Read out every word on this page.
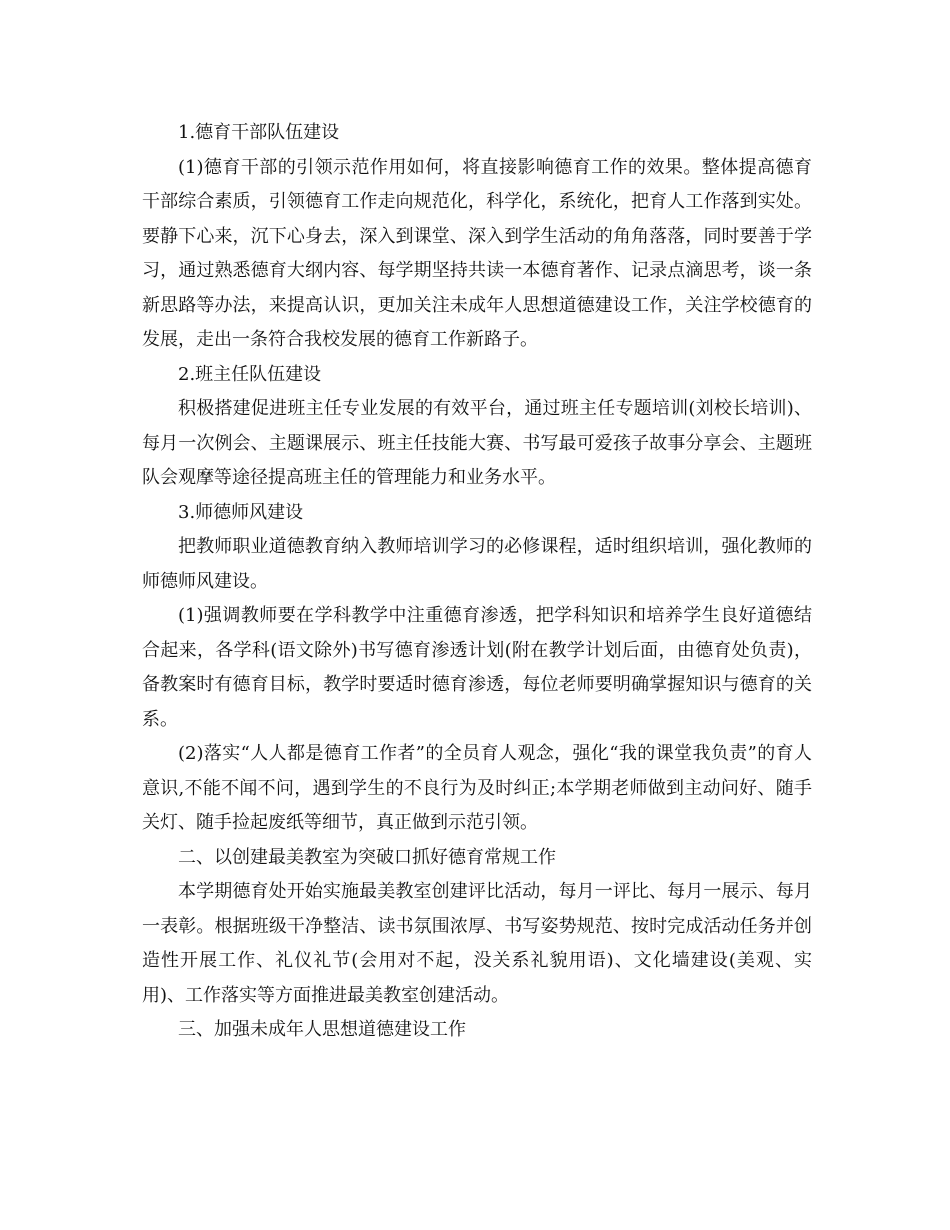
1.德育干部队伍建设

(1)德育干部的引领示范作用如何，将直接影响德育工作的效果。整体提高德育干部综合素质，引领德育工作走向规范化，科学化，系统化，把育人工作落到实处。要静下心来，沉下心身去，深入到课堂、深入到学生活动的角角落落，同时要善于学习，通过熟悉德育大纲内容、每学期坚持共读一本德育著作、记录点滴思考，谈一条新思路等办法，来提高认识，更加关注未成年人思想道德建设工作，关注学校德育的发展，走出一条符合我校发展的德育工作新路子。

2.班主任队伍建设

积极搭建促进班主任专业发展的有效平台，通过班主任专题培训(刘校长培训)、每月一次例会、主题课展示、班主任技能大赛、书写最可爱孩子故事分享会、主题班队会观摩等途径提高班主任的管理能力和业务水平。

3.师德师风建设

把教师职业道德教育纳入教师培训学习的必修课程，适时组织培训，强化教师的师德师风建设。

(1)强调教师要在学科教学中注重德育渗透，把学科知识和培养学生良好道德结合起来，各学科(语文除外)书写德育渗透计划(附在教学计划后面，由德育处负责)，备教案时有德育目标，教学时要适时德育渗透，每位老师要明确掌握知识与德育的关系。

(2)落实“人人都是德育工作者”的全员育人观念，强化“我的课堂我负责”的育人意识,不能不闻不问，遇到学生的不良行为及时纠正;本学期老师做到主动问好、随手关灯、随手捡起废纸等细节，真正做到示范引领。

二、以创建最美教室为突破口抓好德育常规工作

本学期德育处开始实施最美教室创建评比活动，每月一评比、每月一展示、每月一表彰。根据班级干净整洁、读书氛围浓厚、书写姿势规范、按时完成活动任务并创造性开展工作、礼仪礼节(会用对不起，没关系礼貌用语)、文化墙建设(美观、实用)、工作落实等方面推进最美教室创建活动。

三、加强未成年人思想道德建设工作
